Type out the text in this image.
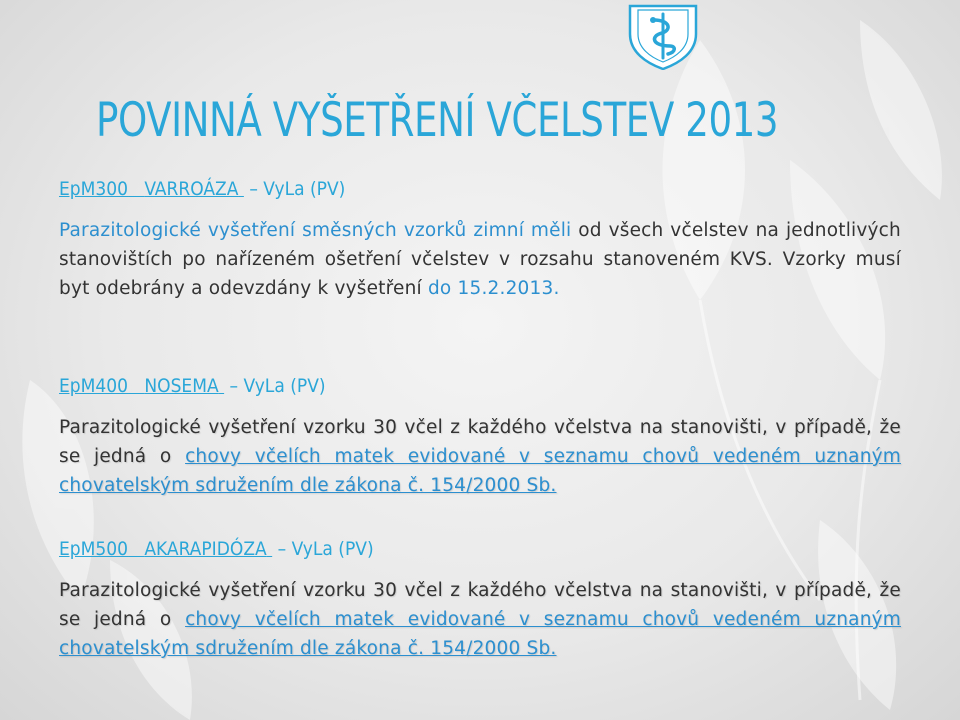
POVINNÁ VYŠETŘENÍ VČELSTEV 2013
EpM300 VARROÁZA – VyLa (PV)
Parazitologické vyšetření směsných vzorků zimní měli od všech včelstev na jednotlivých stanovištích po nařízeném ošetření včelstev v rozsahu stanoveném KVS. Vzorky musí byt odebrány a odevzdány k vyšetření do 15.2.2013.
EpM400 NOSEMA – VyLa (PV)
Parazitologické vyšetření vzorku 30 včel z každého včelstva na stanovišti, v případě, že se jedná o chovy včelích matek evidované v seznamu chovů vedeném uznaným chovatelským sdružením dle zákona č. 154/2000 Sb.
EpM500 AKARAPIDÓZA – VyLa (PV)
Parazitologické vyšetření vzorku 30 včel z každého včelstva na stanovišti, v případě, že se jedná o chovy včelích matek evidované v seznamu chovů vedeném uznaným chovatelským sdružením dle zákona č. 154/2000 Sb.
